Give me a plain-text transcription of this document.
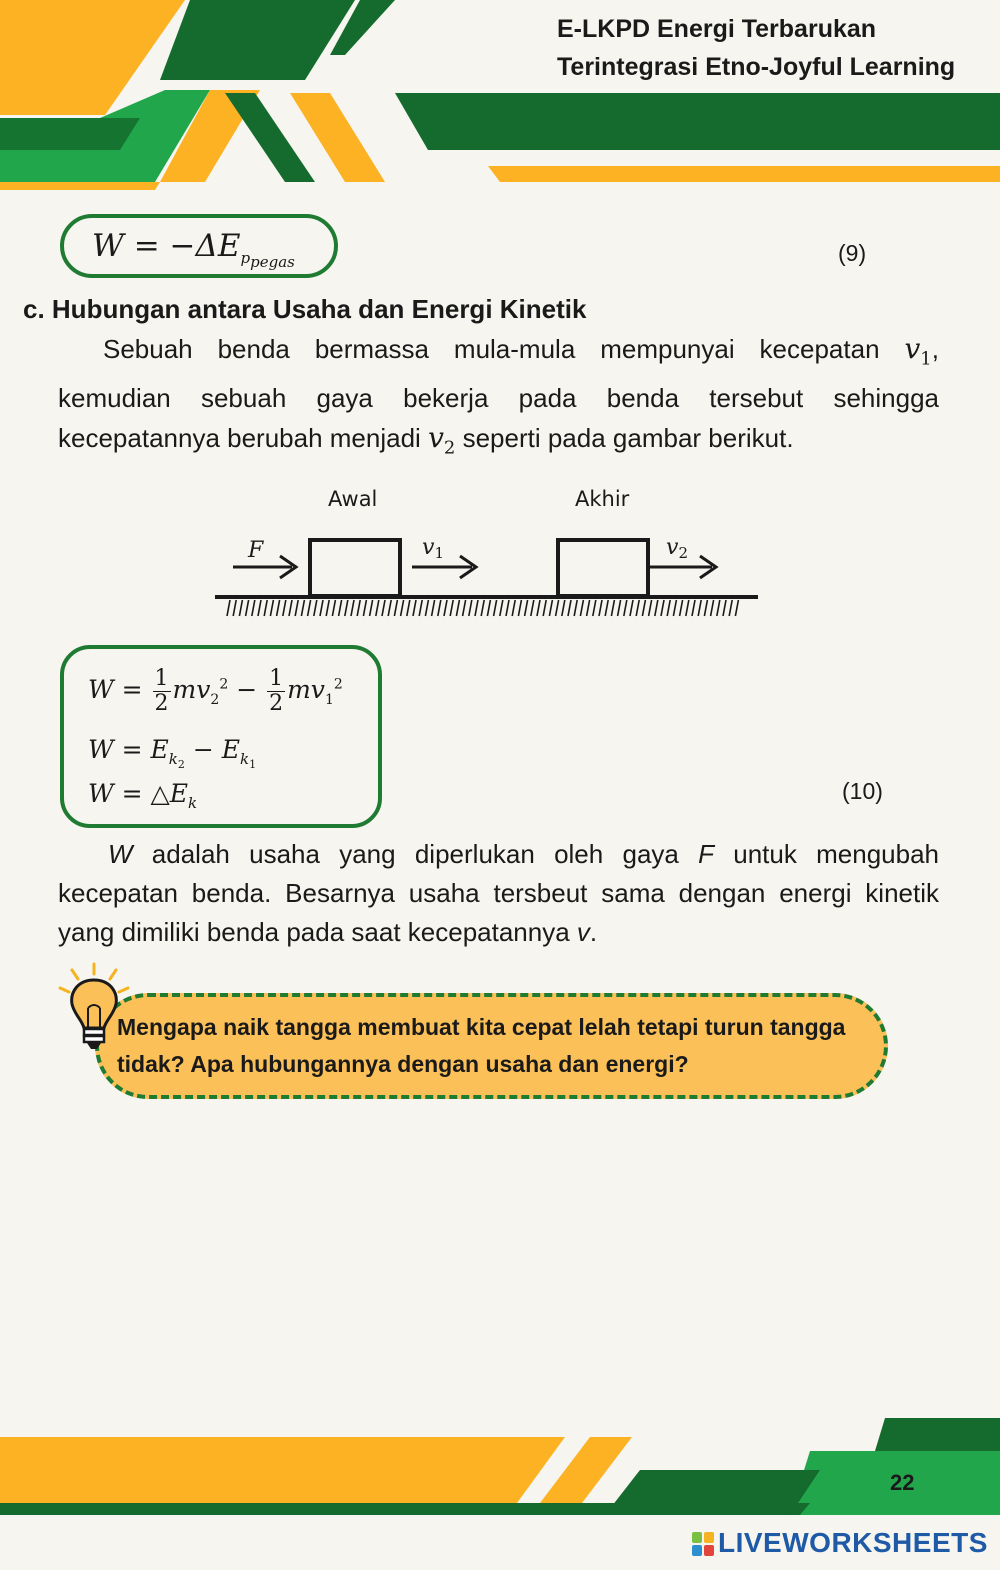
E-LKPD Energi Terbarukan
Terintegrasi Etno-Joyful Learning
$W = -\Delta E_{p_{pegas}}$	(9)
c. Hubungan antara Usaha dan Energi Kinetik
Sebuah benda bermassa mula-mula mempunyai kecepatan $v_1$, kemudian sebuah gaya bekerja pada benda tersebut sehingga kecepatannya berubah menjadi $v_2$ seperti pada gambar berikut.
Awal	Akhir
F	v1	v2
$W = \frac{1}{2} mv_2^2 - \frac{1}{2} mv_1^2$
$W = E_{k_2} - E_{k_1}$
$W = \triangle E_k$	(10)
W adalah usaha yang diperlukan oleh gaya F untuk mengubah kecepatan benda. Besarnya usaha tersbeut sama dengan energi kinetik yang dimiliki benda pada saat kecepatannya v.
Mengapa naik tangga membuat kita cepat lelah tetapi turun tangga tidak? Apa hubungannya dengan usaha dan energi?
22
LIVEWORKSHEETS
